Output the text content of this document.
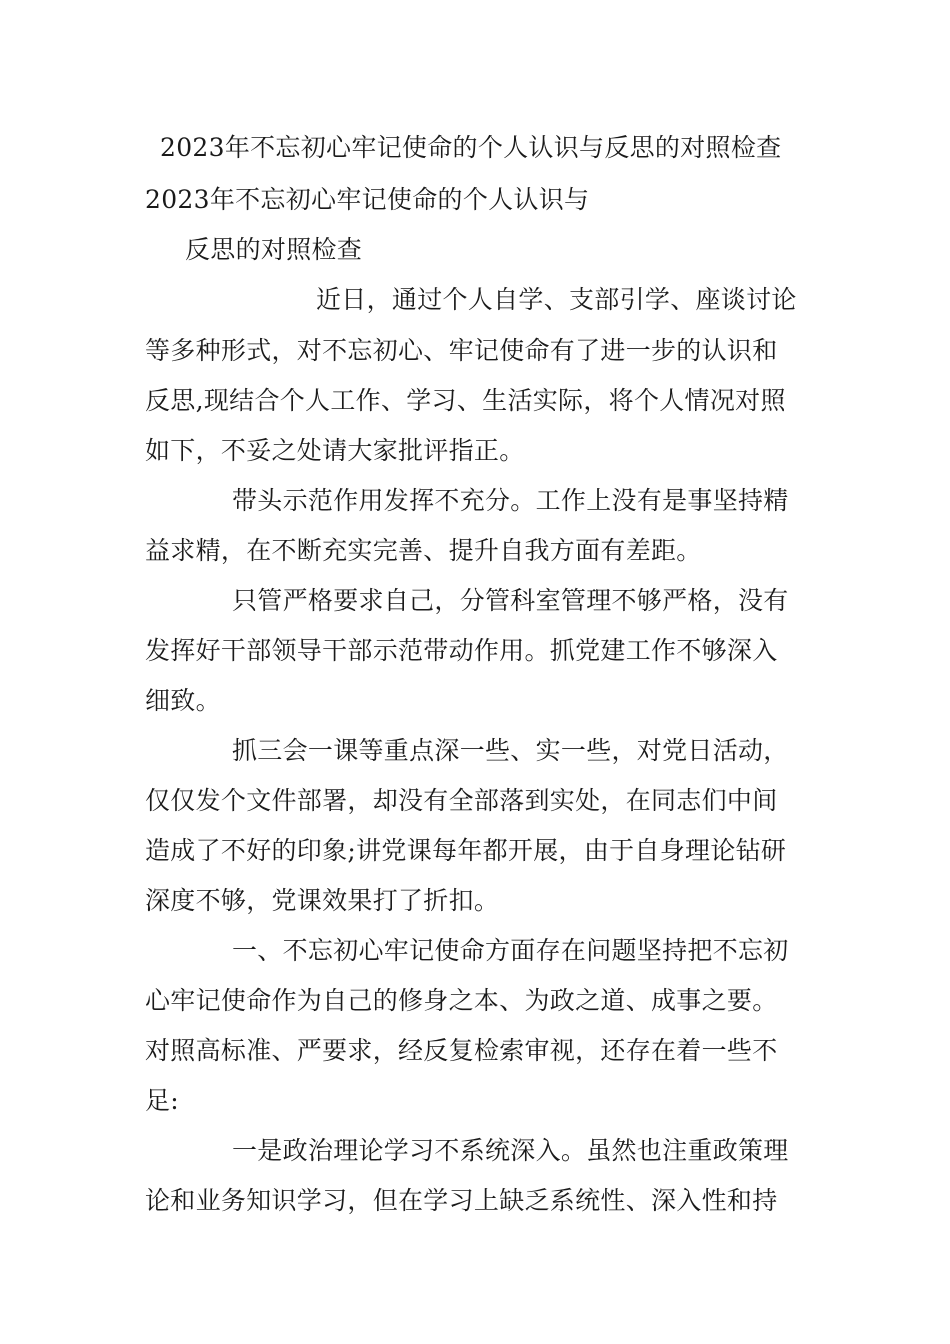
2023年不忘初心牢记使命的个人认识与反思的对照检查
2023年不忘初心牢记使命的个人认识与
反思的对照检查
近日，通过个人自学、支部引学、座谈讨论
等多种形式，对不忘初心、牢记使命有了进一步的认识和
反思,现结合个人工作、学习、生活实际，将个人情况对照
如下，不妥之处请大家批评指正。
带头示范作用发挥不充分。工作上没有是事坚持精
益求精，在不断充实完善、提升自我方面有差距。
只管严格要求自己，分管科室管理不够严格，没有
发挥好干部领导干部示范带动作用。抓党建工作不够深入
细致。
抓三会一课等重点深一些、实一些，对党日活动，
仅仅发个文件部署，却没有全部落到实处，在同志们中间
造成了不好的印象;讲党课每年都开展，由于自身理论钻研
深度不够，党课效果打了折扣。
一、不忘初心牢记使命方面存在问题坚持把不忘初
心牢记使命作为自己的修身之本、为政之道、成事之要。
对照高标准、严要求，经反复检索审视，还存在着一些不
足:
一是政治理论学习不系统深入。虽然也注重政策理
论和业务知识学习，但在学习上缺乏系统性、深入性和持
